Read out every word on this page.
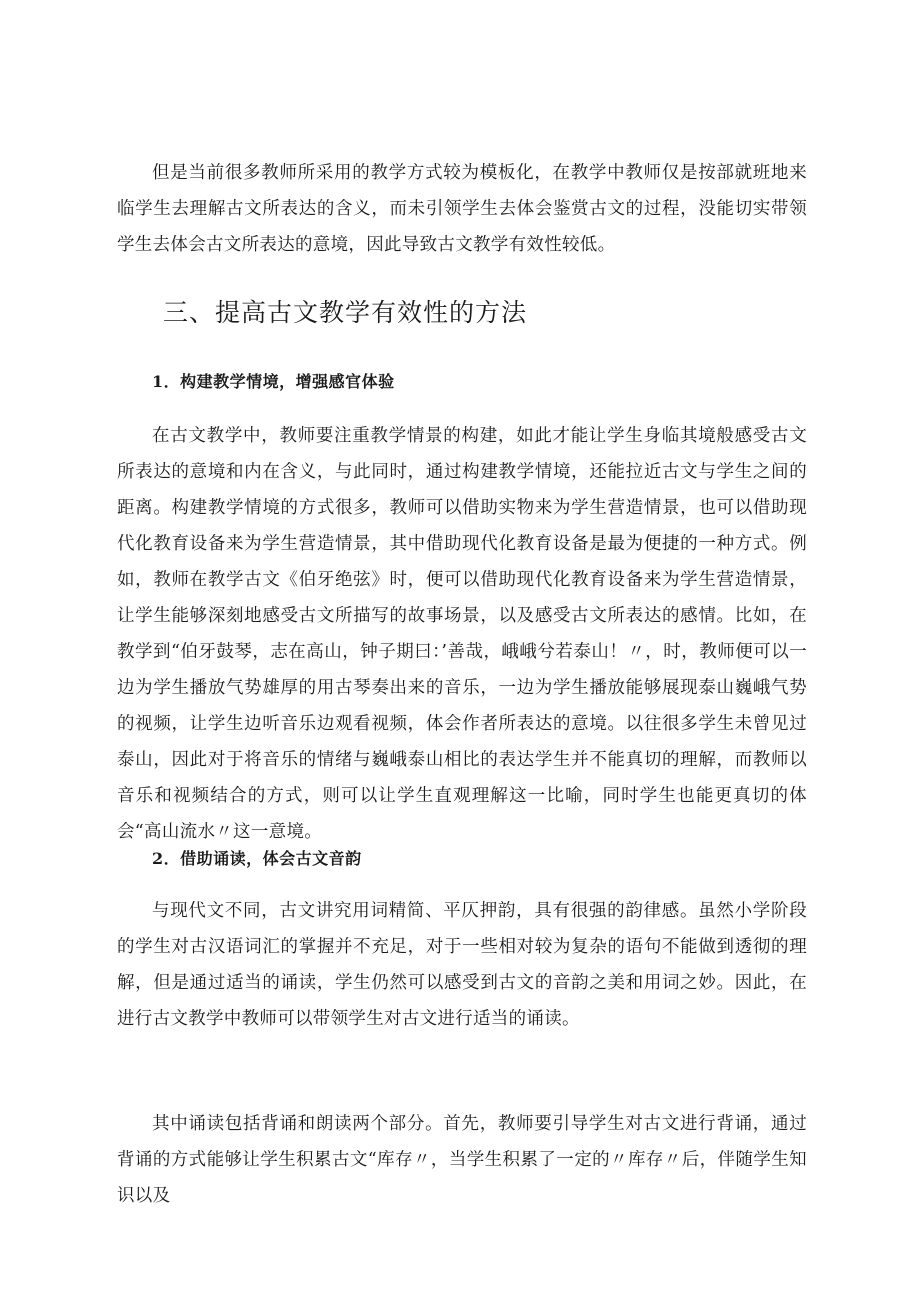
但是当前很多教师所采用的教学方式较为模板化，在教学中教师仅是按部就班地来临学生去理解古文所表达的含义，而未引领学生去体会鉴赏古文的过程，没能切实带领学生去体会古文所表达的意境，因此导致古文教学有效性较低。

三、提高古文教学有效性的方法
1．构建教学情境，增强感官体验

在古文教学中，教师要注重教学情景的构建，如此才能让学生身临其境般感受古文所表达的意境和内在含义，与此同时，通过构建教学情境，还能拉近古文与学生之间的距离。构建教学情境的方式很多，教师可以借助实物来为学生营造情景，也可以借助现代化教育设备来为学生营造情景，其中借助现代化教育设备是最为便捷的一种方式。例如，教师在教学古文《伯牙绝弦》时，便可以借助现代化教育设备来为学生营造情景，让学生能够深刻地感受古文所描写的故事场景，以及感受古文所表达的感情。比如，在教学到“伯牙鼓琴，志在高山，钟子期曰：’善哉，峨峨兮若泰山！〃，时，教师便可以一边为学生播放气势雄厚的用古琴奏出来的音乐，一边为学生播放能够展现泰山巍峨气势的视频，让学生边听音乐边观看视频，体会作者所表达的意境。以往很多学生未曾见过泰山，因此对于将音乐的情绪与巍峨泰山相比的表达学生并不能真切的理解，而教师以音乐和视频结合的方式，则可以让学生直观理解这一比喻，同时学生也能更真切的体会“高山流水〃这一意境。

2．借助诵读，体会古文音韵

与现代文不同，古文讲究用词精简、平仄押韵，具有很强的韵律感。虽然小学阶段的学生对古汉语词汇的掌握并不充足，对于一些相对较为复杂的语句不能做到透彻的理解，但是通过适当的诵读，学生仍然可以感受到古文的音韵之美和用词之妙。因此，在进行古文教学中教师可以带领学生对古文进行适当的诵读。

其中诵读包括背诵和朗读两个部分。首先，教师要引导学生对古文进行背诵，通过背诵的方式能够让学生积累古文“库存〃，当学生积累了一定的〃库存〃后，伴随学生知识以及
